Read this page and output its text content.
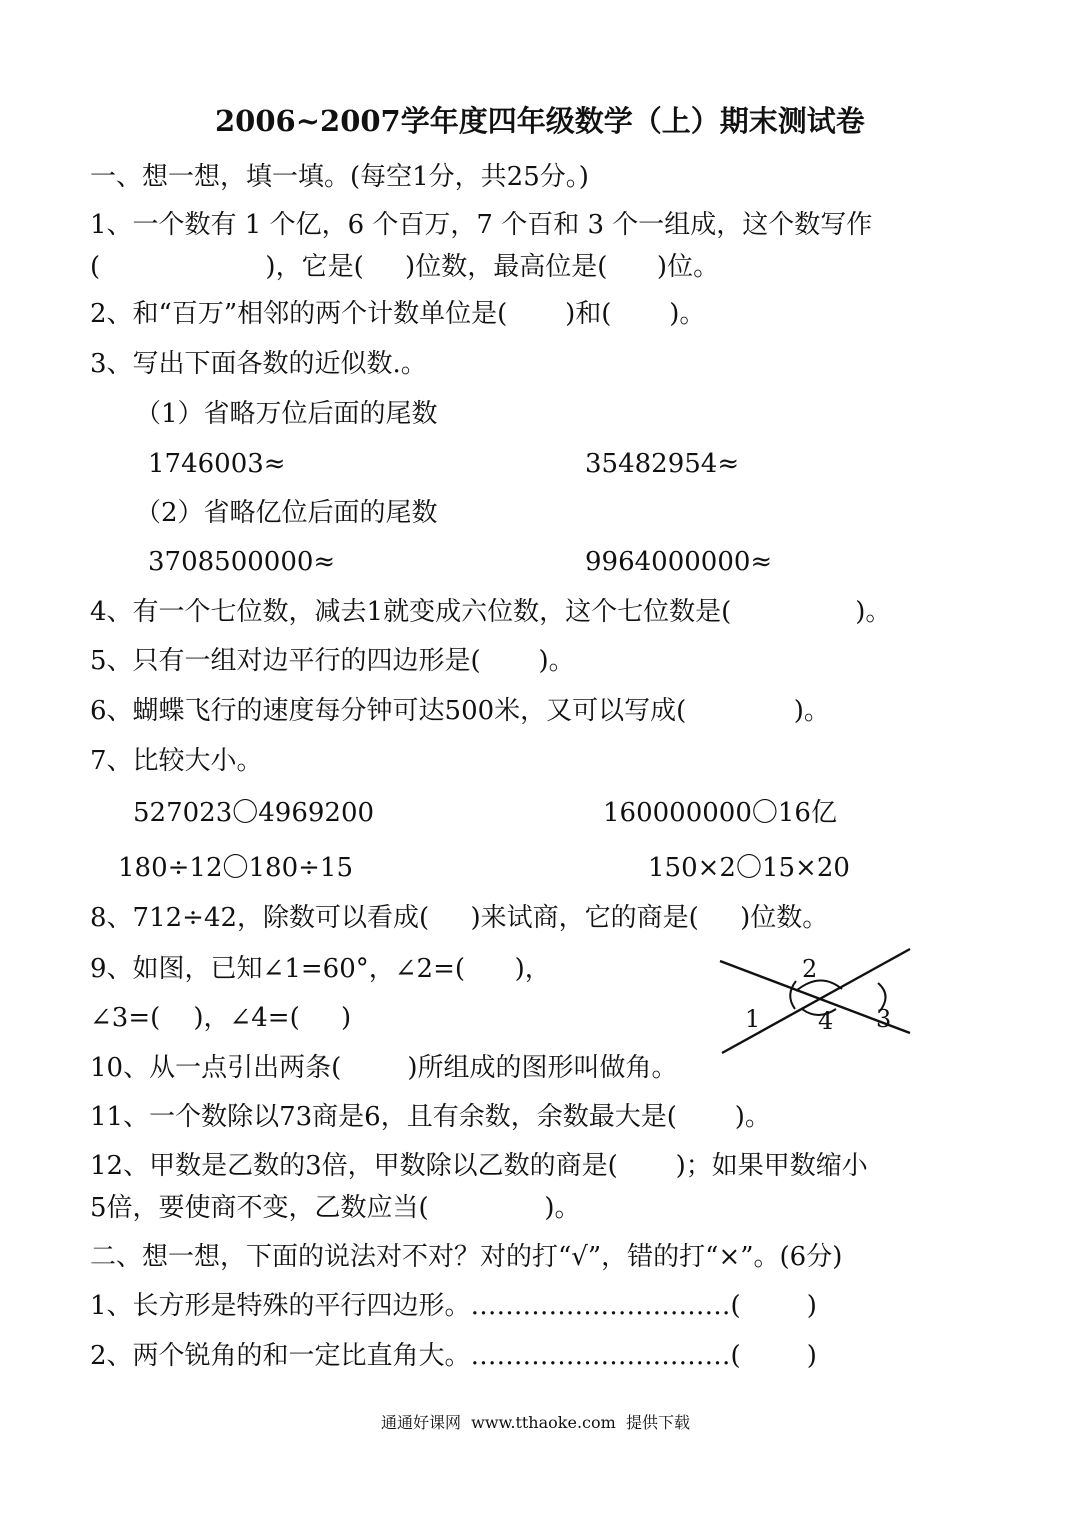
2006~2007学年度四年级数学（上）期末测试卷
一、想一想，填一填。(每空1分，共25分。)
1、一个数有 1 个亿，6 个百万，7 个百和 3 个一组成，这个数写作
(                    )，它是(     )位数，最高位是(      )位。
2、和“百万”相邻的两个计数单位是(       )和(       )。
3、写出下面各数的近似数.。
（1）省略万位后面的尾数
1746003≈	35482954≈
（2）省略亿位后面的尾数
3708500000≈	9964000000≈
4、有一个七位数，减去1就变成六位数，这个七位数是(               )。
5、只有一组对边平行的四边形是(       )。
6、蝴蝶飞行的速度每分钟可达500米，又可以写成(             )。
7、比较大小。
527023〇4969200	160000000〇16亿
180÷12〇180÷15	150×2〇15×20
8、712÷42，除数可以看成(     )来试商，它的商是(     )位数。
9、如图，已知∠1=60°，∠2=(      )，
∠3=(    )，∠4=(     )
2
1 4 3
10、从一点引出两条(        )所组成的图形叫做角。
11、一个数除以73商是6，且有余数，余数最大是(       )。
12、甲数是乙数的3倍，甲数除以乙数的商是(       )；如果甲数缩小
5倍，要使商不变，乙数应当(              )。
二、想一想，下面的说法对不对？对的打“√”，错的打“×”。(6分)
1、长方形是特殊的平行四边形。…………………………(        )
2、两个锐角的和一定比直角大。…………………………(        )
通通好课网  www.tthaoke.com  提供下载
